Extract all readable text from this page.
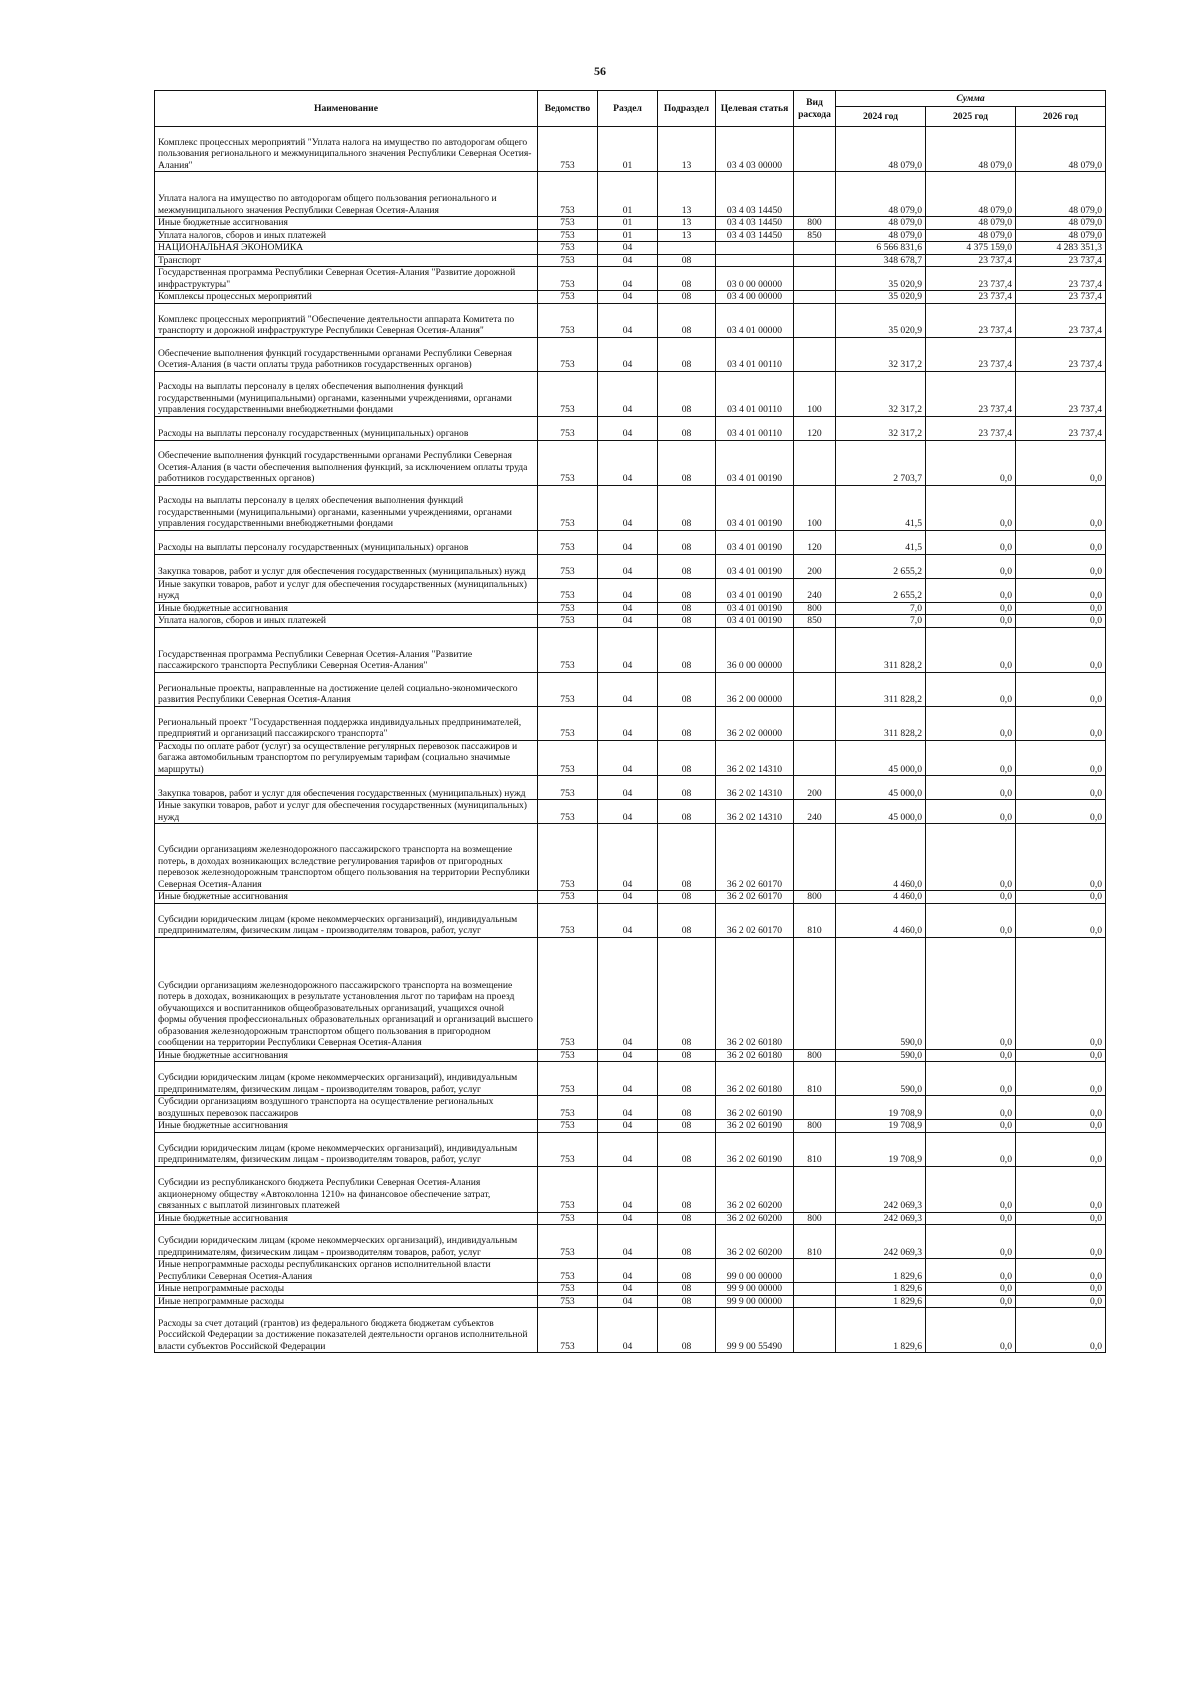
56
Наименование	Ведомство	Раздел	Подраздел	Целевая статья	Вид расхода	Сумма		
						2024 год	2025 год	2026 год
Комплекс процессных мероприятий "Уплата налога на имущество по автодорогам общего пользования регионального и межмуниципального значения Республики Северная Осетия-Алания"	753	01	13	03 4 03 00000		48 079,0	48 079,0	48 079,0
Уплата налога на имущество по автодорогам общего пользования регионального и межмуниципального значения Республики Северная Осетия-Алания	753	01	13	03 4 03 14450		48 079,0	48 079,0	48 079,0
Иные бюджетные ассигнования	753	01	13	03 4 03 14450	800	48 079,0	48 079,0	48 079,0
Уплата налогов, сборов и иных платежей	753	01	13	03 4 03 14450	850	48 079,0	48 079,0	48 079,0
НАЦИОНАЛЬНАЯ ЭКОНОМИКА	753	04				6 566 831,6	4 375 159,0	4 283 351,3
Транспорт	753	04	08			348 678,7	23 737,4	23 737,4
Государственная программа Республики Северная Осетия-Алания "Развитие дорожной инфраструктуры"	753	04	08	03 0 00 00000		35 020,9	23 737,4	23 737,4
Комплексы процессных мероприятий	753	04	08	03 4 00 00000		35 020,9	23 737,4	23 737,4
Комплекс процессных мероприятий "Обеспечение деятельности аппарата Комитета по транспорту и дорожной инфраструктуре Республики Северная Осетия-Алания"	753	04	08	03 4 01 00000		35 020,9	23 737,4	23 737,4
Обеспечение выполнения функций государственными органами Республики Северная Осетия-Алания (в части оплаты труда работников государственных органов)	753	04	08	03 4 01 00110		32 317,2	23 737,4	23 737,4
Расходы на выплаты персоналу в целях обеспечения выполнения функций государственными (муниципальными) органами, казенными учреждениями, органами управления государственными внебюджетными фондами	753	04	08	03 4 01 00110	100	32 317,2	23 737,4	23 737,4
Расходы на выплаты персоналу государственных (муниципальных) органов	753	04	08	03 4 01 00110	120	32 317,2	23 737,4	23 737,4
Обеспечение выполнения функций государственными органами Республики Северная Осетия-Алания (в части обеспечения выполнения функций, за исключением оплаты труда работников государственных органов)	753	04	08	03 4 01 00190		2 703,7	0,0	0,0
Расходы на выплаты персоналу в целях обеспечения выполнения функций государственными (муниципальными) органами, казенными учреждениями, органами управления государственными внебюджетными фондами	753	04	08	03 4 01 00190	100	41,5	0,0	0,0
Расходы на выплаты персоналу государственных (муниципальных) органов	753	04	08	03 4 01 00190	120	41,5	0,0	0,0
Закупка товаров, работ и услуг для обеспечения государственных (муниципальных) нужд	753	04	08	03 4 01 00190	200	2 655,2	0,0	0,0
Иные закупки товаров, работ и услуг для обеспечения государственных (муниципальных) нужд	753	04	08	03 4 01 00190	240	2 655,2	0,0	0,0
Иные бюджетные ассигнования	753	04	08	03 4 01 00190	800	7,0	0,0	0,0
Уплата налогов, сборов и иных платежей	753	04	08	03 4 01 00190	850	7,0	0,0	0,0
Государственная программа Республики Северная Осетия-Алания "Развитие пассажирского транспорта Республики Северная Осетия-Алания"	753	04	08	36 0 00 00000		311 828,2	0,0	0,0
Региональные проекты, направленные на достижение целей социально-экономического развития Республики Северная Осетия-Алания	753	04	08	36 2 00 00000		311 828,2	0,0	0,0
Региональный проект "Государственная поддержка индивидуальных предпринимателей, предприятий и организаций пассажирского транспорта"	753	04	08	36 2 02 00000		311 828,2	0,0	0,0
Расходы по оплате работ (услуг) за осуществление регулярных перевозок пассажиров и багажа автомобильным транспортом по регулируемым тарифам (социально значимые маршруты)	753	04	08	36 2 02 14310		45 000,0	0,0	0,0
Закупка товаров, работ и услуг для обеспечения государственных (муниципальных) нужд	753	04	08	36 2 02 14310	200	45 000,0	0,0	0,0
Иные закупки товаров, работ и услуг для обеспечения государственных (муниципальных) нужд	753	04	08	36 2 02 14310	240	45 000,0	0,0	0,0
Субсидии организациям железнодорожного пассажирского транспорта на возмещение потерь, в доходах возникающих вследствие регулирования тарифов от пригородных перевозок железнодорожным транспортом общего пользования на территории Республики Северная Осетия-Алания	753	04	08	36 2 02 60170		4 460,0	0,0	0,0
Иные бюджетные ассигнования	753	04	08	36 2 02 60170	800	4 460,0	0,0	0,0
Субсидии юридическим лицам (кроме некоммерческих организаций), индивидуальным предпринимателям, физическим лицам - производителям товаров, работ, услуг	753	04	08	36 2 02 60170	810	4 460,0	0,0	0,0
Субсидии организациям железнодорожного пассажирского транспорта на возмещение потерь в доходах, возникающих в результате установления льгот по тарифам на проезд обучающихся и воспитанников общеобразовательных организаций, учащихся очной формы обучения профессиональных образовательных организаций и организаций высшего образования железнодорожным транспортом общего пользования в пригородном сообщении на территории Республики Северная Осетия-Алания	753	04	08	36 2 02 60180		590,0	0,0	0,0
Иные бюджетные ассигнования	753	04	08	36 2 02 60180	800	590,0	0,0	0,0
Субсидии юридическим лицам (кроме некоммерческих организаций), индивидуальным предпринимателям, физическим лицам - производителям товаров, работ, услуг	753	04	08	36 2 02 60180	810	590,0	0,0	0,0
Субсидии организациям воздушного транспорта на осуществление региональных воздушных перевозок пассажиров	753	04	08	36 2 02 60190		19 708,9	0,0	0,0
Иные бюджетные ассигнования	753	04	08	36 2 02 60190	800	19 708,9	0,0	0,0
Субсидии юридическим лицам (кроме некоммерческих организаций), индивидуальным предпринимателям, физическим лицам - производителям товаров, работ, услуг	753	04	08	36 2 02 60190	810	19 708,9	0,0	0,0
Субсидии из республиканского бюджета Республики Северная Осетия-Алания акционерному обществу «Автоколонна 1210» на финансовое обеспечение затрат, связанных с выплатой лизинговых платежей	753	04	08	36 2 02 60200		242 069,3	0,0	0,0
Иные бюджетные ассигнования	753	04	08	36 2 02 60200	800	242 069,3	0,0	0,0
Субсидии юридическим лицам (кроме некоммерческих организаций), индивидуальным предпринимателям, физическим лицам - производителям товаров, работ, услуг	753	04	08	36 2 02 60200	810	242 069,3	0,0	0,0
Иные непрограммные расходы республиканских органов исполнительной власти Республики Северная Осетия-Алания	753	04	08	99 0 00 00000		1 829,6	0,0	0,0
Иные непрограммные расходы	753	04	08	99 9 00 00000		1 829,6	0,0	0,0
Иные непрограммные расходы	753	04	08	99 9 00 00000		1 829,6	0,0	0,0
Расходы за счет дотаций (грантов) из федерального бюджета бюджетам субъектов Российской Федерации за достижение показателей деятельности органов исполнительной власти субъектов Российской Федерации	753	04	08	99 9 00 55490		1 829,6	0,0	0,0
